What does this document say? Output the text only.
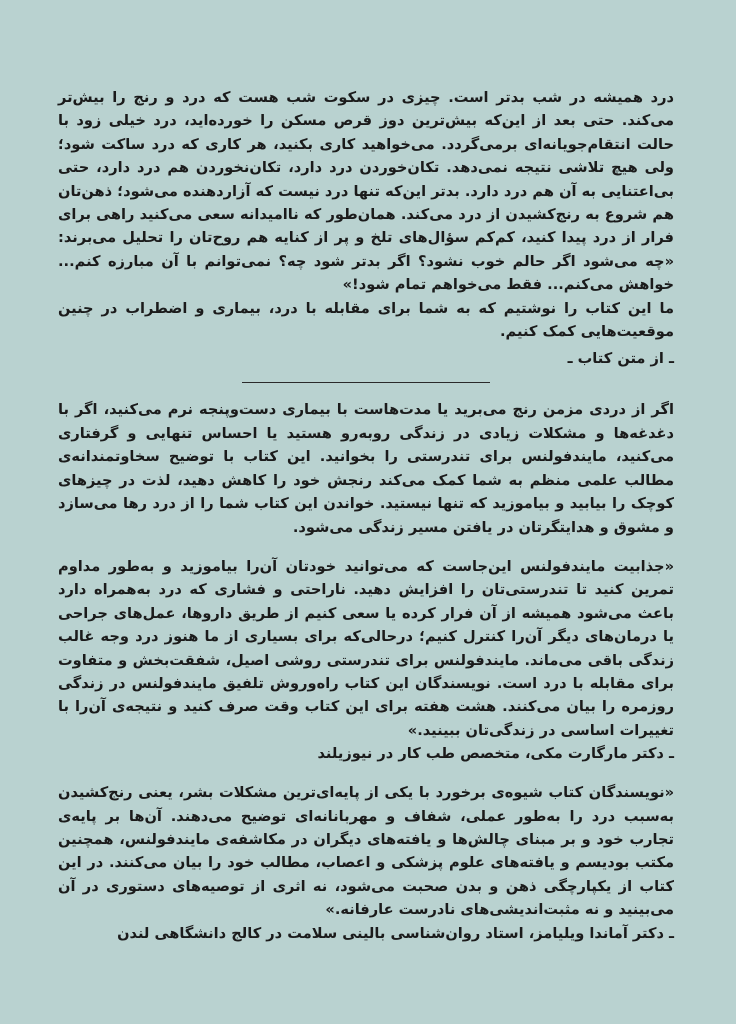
درد همیشه در شب بدتر است. چیزی در سکوت شب هست که درد و رنج را بیش‌تر می‌کند. حتی بعد از این‌که بیش‌ترین دوز قرص مسکن را خورده‌اید، درد خیلی زود با حالت انتقام‌جویانه‌ای برمی‌گردد. می‌خواهید کاری بکنید، هر کاری که درد ساکت شود؛ ولی هیچ تلاشی نتیجه نمی‌دهد. تکان‌خوردن درد دارد، تکان‌نخوردن هم درد دارد، حتی بی‌اعتنایی به آن هم درد دارد. بدتر این‌که تنها درد نیست که آزاردهنده می‌شود؛ ذهن‌تان هم شروع به رنج‌کشیدن از درد می‌کند. همان‌طور که ناامیدانه سعی می‌کنید راهی برای فرار از درد پیدا کنید، کم‌کم سؤال‌های تلخ و پر از کنایه هم روح‌تان را تحلیل می‌برند: «چه می‌شود اگر حالم خوب نشود؟ اگر بدتر شود چه؟ نمی‌توانم با آن مبارزه کنم... خواهش می‌کنم... فقط می‌خواهم تمام شود!»

ما این کتاب را نوشتیم که به شما برای مقابله با درد، بیماری و اضطراب در چنین موقعیت‌هایی کمک کنیم.

ـ از متن کتاب ـ

اگر از دردی مزمن رنج می‌برید یا مدت‌هاست با بیماری دست‌وپنجه نرم می‌کنید، اگر با دغدغه‌ها و مشکلات زیادی در زندگی روبه‌رو هستید یا احساس تنهایی و گرفتاری می‌کنید، مایندفولنس برای تندرستی را بخوانید. این کتاب با توضیح سخاوتمندانه‌ی مطالب علمی منظم به شما کمک می‌کند رنجش خود را کاهش دهید، لذت در چیزهای کوچک را بیابید و بیاموزید که تنها نیستید. خواندن این کتاب شما را از درد رها می‌سازد و مشوق و هدایتگرتان در یافتن مسیر زندگی می‌شود.

«جذابیت مایندفولنس این‌جاست که می‌توانید خودتان آن‌را بیاموزید و به‌طور مداوم تمرین کنید تا تندرستی‌تان را افزایش دهید. ناراحتی و فشاری که درد به‌همراه دارد باعث می‌شود همیشه از آن فرار کرده یا سعی کنیم از طریق داروها، عمل‌های جراحی یا درمان‌های دیگر آن‌را کنترل کنیم؛ درحالی‌که برای بسیاری از ما هنوز درد وجه غالب زندگی باقی می‌ماند. مایندفولنس برای تندرستی روشی اصیل، شفقت‌بخش و متفاوت برای مقابله با درد است. نویسندگان این کتاب راه‌وروش تلفیق مایندفولنس در زندگی روزمره را بیان می‌کنند. هشت هفته برای این کتاب وقت صرف کنید و نتیجه‌ی آن‌را با تغییرات اساسی در زندگی‌تان ببینید.»

ـ دکتر مارگارت مکی، متخصص طب کار در نیوزیلند

«نویسندگان کتاب شیوه‌ی برخورد با یکی از پایه‌ای‌ترین مشکلات بشر، یعنی رنج‌کشیدن به‌سبب درد را به‌طور عملی، شفاف و مهربانانه‌ای توضیح می‌دهند. آن‌ها بر پایه‌ی تجارب خود و بر مبنای چالش‌ها و یافته‌های دیگران در مکاشفه‌ی مایندفولنس، همچنین مکتب بودیسم و یافته‌های علوم پزشکی و اعصاب، مطالب خود را بیان می‌کنند. در این کتاب از یکپارچگی ذهن و بدن صحبت می‌شود، نه اثری از توصیه‌های دستوری در آن می‌بینید و نه مثبت‌اندیشی‌های نادرست عارفانه.»

ـ دکتر آماندا ویلیامز، استاد روان‌شناسی بالینی سلامت در کالج دانشگاهی لندن
